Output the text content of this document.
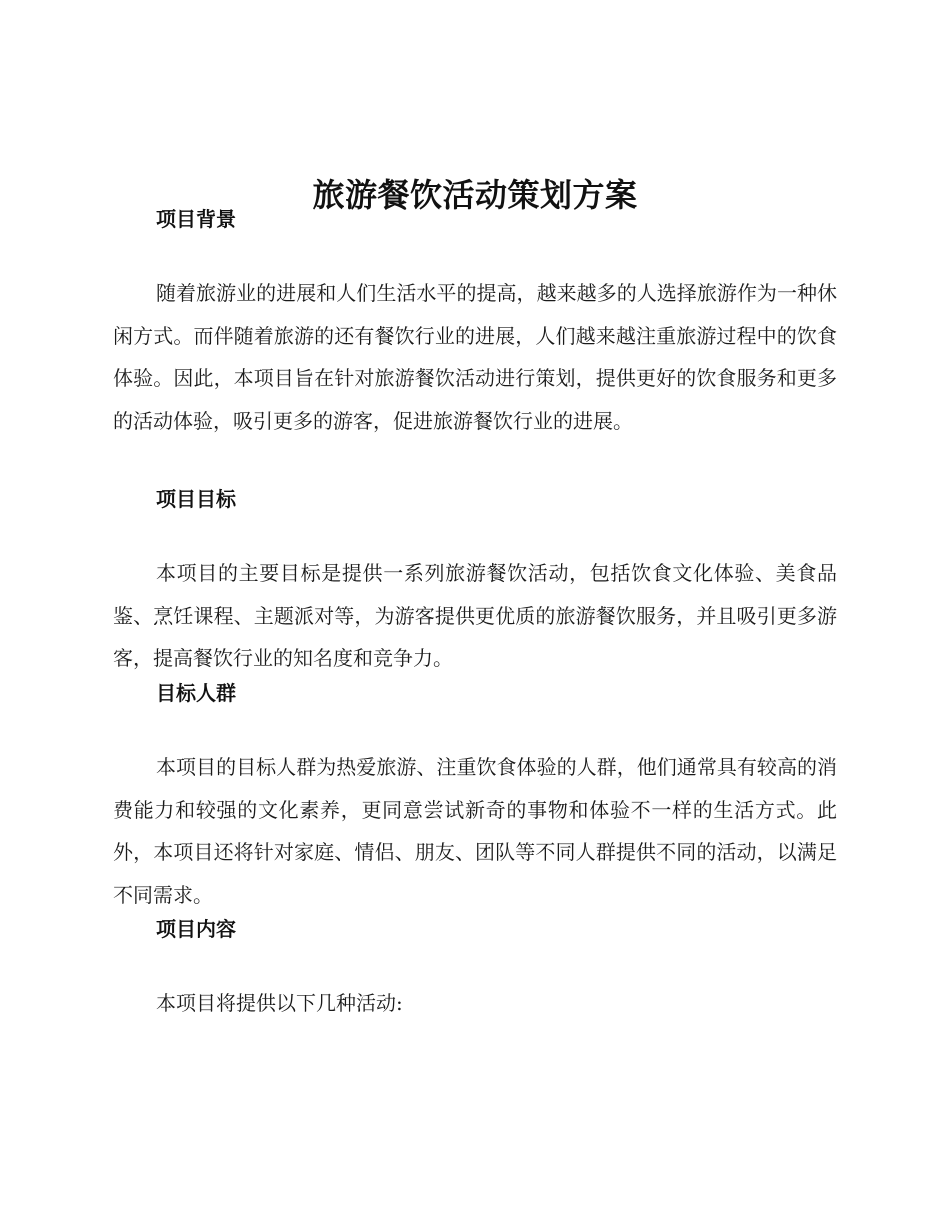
旅游餐饮活动策划方案
项目背景

随着旅游业的进展和人们生活水平的提高，越来越多的人选择旅游作为一种休闲方式。而伴随着旅游的还有餐饮行业的进展，人们越来越注重旅游过程中的饮食体验。因此，本项目旨在针对旅游餐饮活动进行策划，提供更好的饮食服务和更多的活动体验，吸引更多的游客，促进旅游餐饮行业的进展。

项目目标

本项目的主要目标是提供一系列旅游餐饮活动，包括饮食文化体验、美食品鉴、烹饪课程、主题派对等，为游客提供更优质的旅游餐饮服务，并且吸引更多游客，提高餐饮行业的知名度和竞争力。

目标人群

本项目的目标人群为热爱旅游、注重饮食体验的人群，他们通常具有较高的消费能力和较强的文化素养，更同意尝试新奇的事物和体验不一样的生活方式。此外，本项目还将针对家庭、情侣、朋友、团队等不同人群提供不同的活动，以满足不同需求。

项目内容

本项目将提供以下几种活动:
